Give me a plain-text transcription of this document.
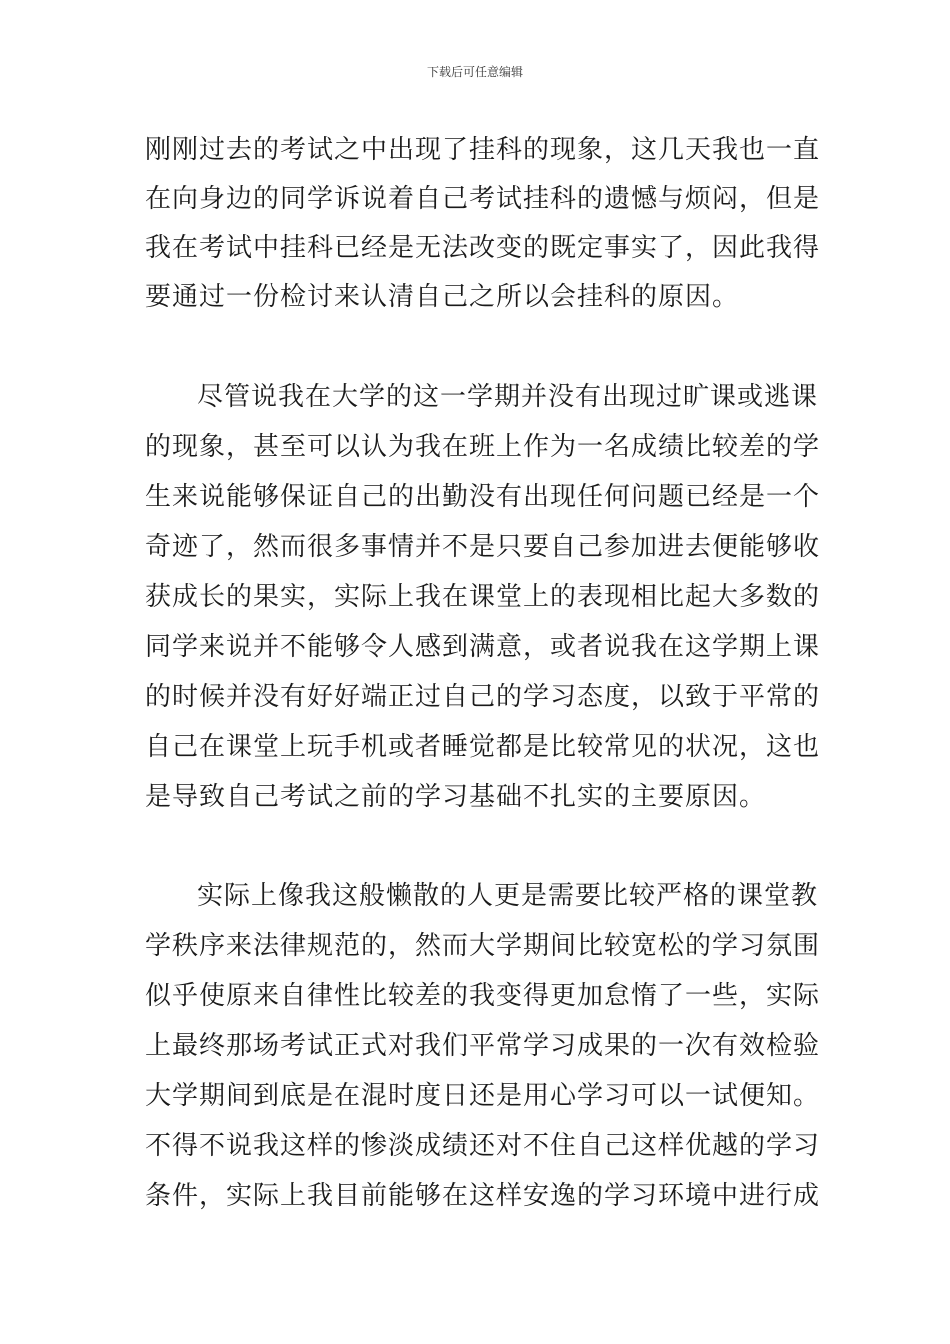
下载后可任意编辑
刚刚过去的考试之中出现了挂科的现象，这几天我也一直
在向身边的同学诉说着自己考试挂科的遗憾与烦闷，但是
我在考试中挂科已经是无法改变的既定事实了，因此我得
要通过一份检讨来认清自己之所以会挂科的原因。
尽管说我在大学的这一学期并没有出现过旷课或逃课
的现象，甚至可以认为我在班上作为一名成绩比较差的学
生来说能够保证自己的出勤没有出现任何问题已经是一个
奇迹了，然而很多事情并不是只要自己参加进去便能够收
获成长的果实，实际上我在课堂上的表现相比起大多数的
同学来说并不能够令人感到满意，或者说我在这学期上课
的时候并没有好好端正过自己的学习态度，以致于平常的
自己在课堂上玩手机或者睡觉都是比较常见的状况，这也
是导致自己考试之前的学习基础不扎实的主要原因。
实际上像我这般懒散的人更是需要比较严格的课堂教
学秩序来法律规范的，然而大学期间比较宽松的学习氛围
似乎使原来自律性比较差的我变得更加怠惰了一些，实际
上最终那场考试正式对我们平常学习成果的一次有效检验
大学期间到底是在混时度日还是用心学习可以一试便知。
不得不说我这样的惨淡成绩还对不住自己这样优越的学习
条件，实际上我目前能够在这样安逸的学习环境中进行成
